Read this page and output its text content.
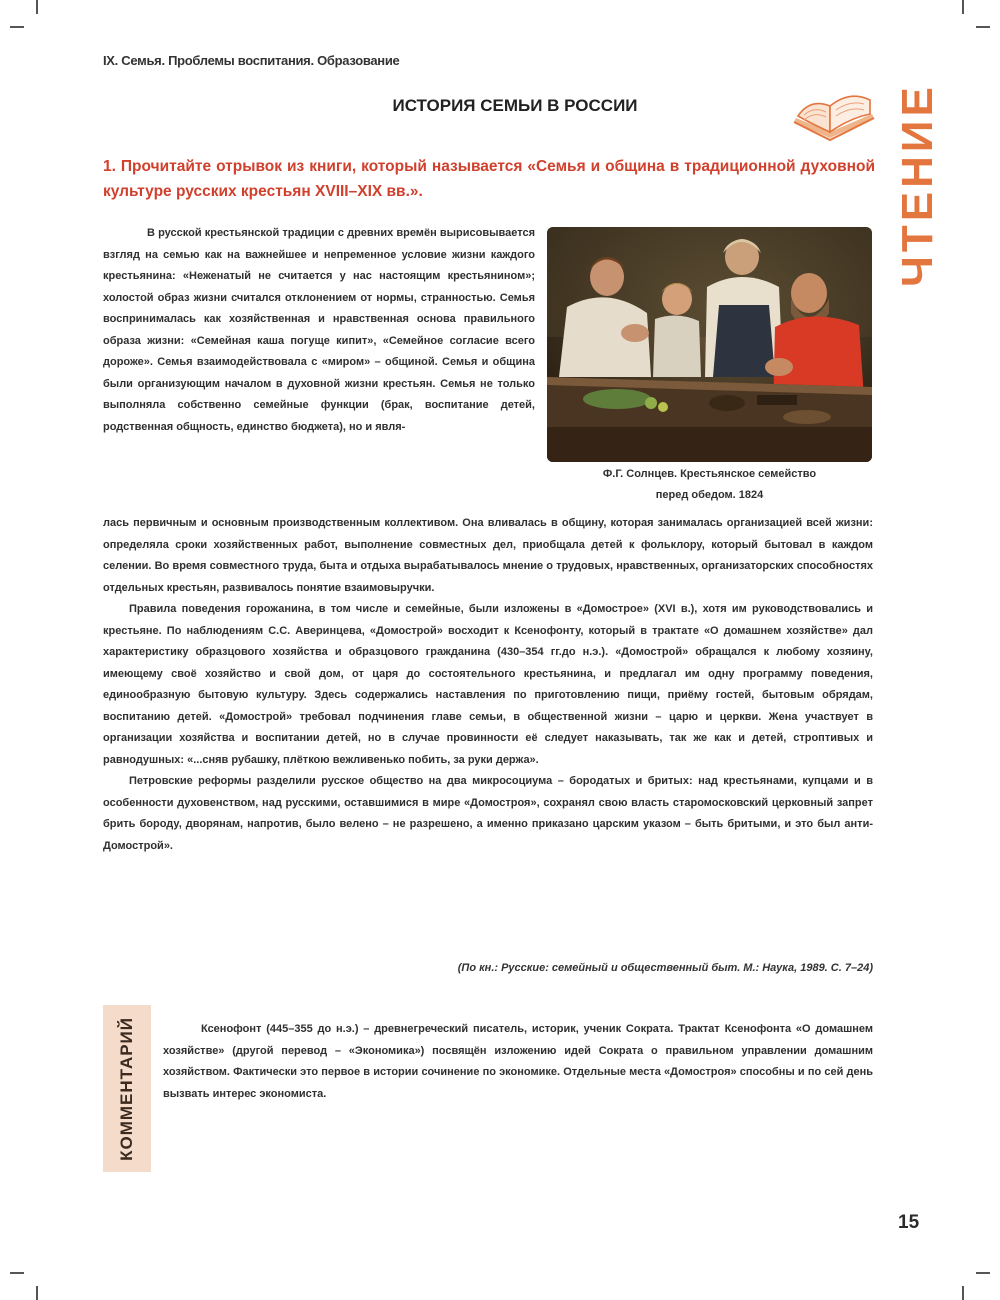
IX. Семья. Проблемы воспитания. Образование
ЧТЕНИЕ
ИСТОРИЯ СЕМЬИ В РОССИИ

1. Прочитайте отрывок из книги, который называется «Семья и община в традиционной духовной культуре русских крестьян XVIII–XIX вв.».

В русской крестьянской традиции с древних времён вырисовывается взгляд на семью как на важнейшее и непременное условие жизни каждого крестьянина: «Неженатый не считается у нас настоящим крестьянином»; холостой образ жизни считался отклонением от нормы, странностью. Семья воспринималась как хозяйственная и нравственная основа правильного образа жизни: «Семейная каша погуще кипит», «Семейное согласие всего дороже». Семья взаимодействовала с «миром» – общиной. Семья и община были организующим началом в духовной жизни крестьян. Семья не только выполняла собственно семейные функции (брак, воспитание детей, родственная общность, единство бюджета), но и явля-

Ф.Г. Солнцев. Крестьянское семейство
перед обедом. 1824

лась первичным и основным производственным коллективом. Она вливалась в общину, которая занималась организацией всей жизни: определяла сроки хозяйственных работ, выполнение совместных дел, приобщала детей к фольклору, который бытовал в каждом селении. Во время совместного труда, быта и отдыха вырабатывалось мнение о трудовых, нравственных, организаторских способностях отдельных крестьян, развивалось понятие взаимовыручки.

Правила поведения горожанина, в том числе и семейные, были изложены в «Домострое» (XVI в.), хотя им руководствовались и крестьяне. По наблюдениям С.С. Аверинцева, «Домострой» восходит к Ксенофонту, который в трактате «О домашнем хозяйстве» дал характеристику образцового хозяйства и образцового гражданина (430–354 гг.до н.э.). «Домострой» обращался к любому хозяину, имеющему своё хозяйство и свой дом, от царя до состоятельного крестьянина, и предлагал им одну программу поведения, единообразную бытовую культуру. Здесь содержались наставления по приготовлению пищи, приёму гостей, бытовым обрядам, воспитанию детей. «Домострой» требовал подчинения главе семьи, в общественной жизни – царю и церкви. Жена участвует в организации хозяйства и воспитании детей, но в случае провинности её следует наказывать, так же как и детей, строптивых и равнодушных: «...сняв рубашку, плёткою вежливенько побить, за руки держа».

Петровские реформы разделили русское общество на два микросоциума – бородатых и бритых: над крестьянами, купцами и в особенности духовенством, над русскими, оставшимися в мире «Домостроя», сохранял свою власть старомосковский церковный запрет брить бороду, дворянам, напротив, было велено – не разрешено, а именно приказано царским указом – быть бритыми, и это был анти-Домострой».

(По кн.: Русские: семейный и общественный быт. М.: Наука, 1989. С. 7–24)
КОММЕНТАРИЙ	Ксенофонт (445–355 до н.э.) – древнегреческий писатель, историк, ученик Сократа. Трактат Ксенофонта «О домашнем хозяйстве» (другой перевод – «Экономика») посвящён изложению идей Сократа о правильном управлении домашним хозяйством. Фактически это первое в истории сочинение по экономике. Отдельные места «Домостроя» способны и по сей день вызвать интерес экономиста.

15
